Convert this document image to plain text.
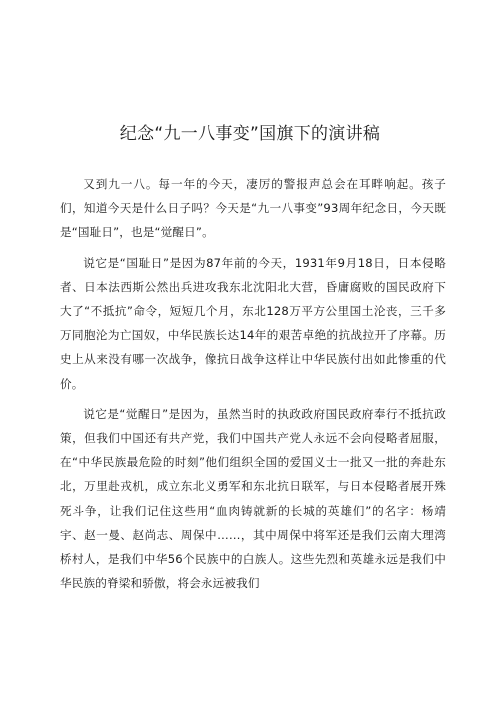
纪念“九一八事变”国旗下的演讲稿

又到九一八。每一年的今天，凄厉的警报声总会在耳畔响起。孩子们，知道今天是什么日子吗？今天是“九一八事变”93周年纪念日，今天既是“国耻日”，也是“觉醒日”。

说它是“国耻日”是因为87年前的今天，1931年9月18日，日本侵略者、日本法西斯公然出兵进攻我东北沈阳北大营，昏庸腐败的国民政府下大了“不抵抗”命令，短短几个月，东北128万平方公里国土沦丧，三千多万同胞沦为亡国奴，中华民族长达14年的艰苦卓绝的抗战拉开了序幕。历史上从来没有哪一次战争，像抗日战争这样让中华民族付出如此惨重的代价。

说它是“觉醒日”是因为，虽然当时的执政政府国民政府奉行不抵抗政策，但我们中国还有共产党，我们中国共产党人永远不会向侵略者屈服，在“中华民族最危险的时刻”他们组织全国的爱国义士一批又一批的奔赴东北，万里赴戎机，成立东北义勇军和东北抗日联军，与日本侵略者展开殊死斗争，让我们记住这些用“血肉铸就新的长城的英雄们”的名字：杨靖宇、赵一曼、赵尚志、周保中……，其中周保中将军还是我们云南大理湾桥村人，是我们中华56个民族中的白族人。这些先烈和英雄永远是我们中华民族的脊梁和骄傲，将会永远被我们
